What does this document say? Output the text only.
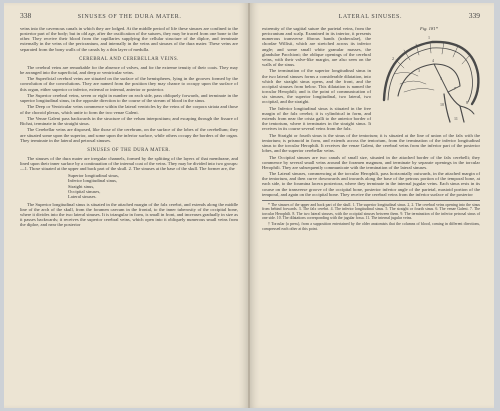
338	SINUSES OF THE DURA MATER.

veins into the cavernous canals in which they are lodged. At the middle period of life these sinuses are confined to the posterior part of the body; but in old age, after the ossification of the sutures, they may be traced from one bone to the other. They receive their blood from the capillaries supplying the cellular structure of the diploe, and terminate externally in the veins of the pericranium, and internally in the veins and sinuses of the dura mater. These veins are separated from the bony walls of the canals by a thin layer of medulla.

CEREBRAL AND CEREBELLAR VEINS.

The cerebral veins are remarkable for the absence of valves, and for the extreme tenuity of their coats. They may be arranged into the superficial, and deep or ventricular veins.

The Superficial cerebral veins are situated on the surface of the hemispheres, lying in the grooves formed by the convolution of the convolutions. They are named from the position they may chance to occupy upon the surface of this organ, either superior or inferior, external or internal, anterior or posterior.

The Superior cerebral veins, seven or eight in number on each side, pass obliquely forwards, and terminate in the superior longitudinal sinus, in the opposite direction to the course of the stream of blood in the sinus.

The Deep or Ventricular veins commence within the lateral ventricles by the veins of the corpora striata and those of the choroid plexus, which unite to form the two venae Galeni.

The Venae Galeni pass backwards in the structure of the velum interpositum; and escaping through the fissure of Bichat, terminate in the straight sinus.

The Cerebellar veins are disposed, like those of the cerebrum, on the surface of the lobes of the cerebellum; they are situated some upon the superior, and some upon the inferior surface, while others occupy the borders of the organ. They terminate in the lateral and petrosal sinuses.

SINUSES OF THE DURA MATER.

The sinuses of the dura mater are irregular channels, formed by the splitting of the layers of that membrane, and lined upon their inner surface by a continuation of the internal coat of the veins. They may be divided into two groups:—1. Those situated at the upper and back part of the skull. 2. The sinuses at the base of the skull. The former are, the

Superior longitudinal sinus,
Inferior longitudinal sinus,
Straight sinus,
Occipital sinuses,
Lateral sinuses.

The Superior longitudinal sinus is situated in the attached margin of the falx cerebri, and extends along the middle line of the arch of the skull, from the foramen caecum in the frontal, to the inner tuberosity of the occipital bone, where it divides into the two lateral sinuses. It is triangular in form, is small in front, and increases gradually in size as it passes backwards; it receives the superior cerebral veins, which open into it obliquely numerous small veins from the diploe, and near the posterior

LATERAL SINUSES.	339
Fig. 181*
1
2
3
4
5
7
8
10
11

extremity of the sagittal suture the parietal veins, from the pericranium and scalp. Examined in its interior, it presents numerous transverse fibrous bands (trabeculae), the chordae Willisii, which are stretched across its inferior angle; and some small white granular masses, the glandulae Pacchioni; the oblique openings of the cerebral veins, with their valve-like margin, are also seen on the walls of the sinus.

The termination of the superior longitudinal sinus in the two lateral sinuses forms a considerable dilatation, into which the straight sinus opens, and the front, and the occipital sinuses from below. This dilatation is named the torcular Herophili; and is the point of communication of six sinuses, the superior longitudinal, two lateral, two occipital, and the straight.

The Inferior longitudinal sinus is situated in the free margin of the falx cerebri; it is cylindrical in form, and extends from near the crista galli to the anterior border of the tentorium, where it terminates in the straight sinus. It receives in its course several veins from the falx.

The Straight or fourth sinus is the sinus of the tentorium; it is situated at the line of union of the falx with the tentorium; is prismoid in form, and extends across the tentorium, from the termination of the inferior longitudinal sinus to the torcular Herophili. It receives the venae Galeni, the cerebral veins from the inferior part of the posterior lobes, and the superior cerebellar veins.

The Occipital sinuses are two canals of small size, situated in the attached border of the falx cerebelli; they commence by several small veins around the foramen magnum, and terminate by separate openings in the torcular Herophili. They are subsequently communicate with the termination of the lateral sinuses.

The Lateral sinuses, commencing at the torcular Herophili, pass horizontally outwards, in the attached margin of the tentorium, and then curve downwards and inwards along the base of the petrous portion of the temporal bone, at each side, to the foramina lacera posteriora, where they terminate in the internal jugular veins. Each sinus rests in its course on the transverse groove of the occipital bone, posterior inferior angle of the parietal, mastoid portion of the temporal, and again on the occipital bone. They receive the cerebral veins from the inferior surface of the posterior

* The sinuses of the upper and back part of the skull. 1. The superior longitudinal sinus. 2, 2. The cerebral veins opening into the sinus from behind forwards. 3. The falx cerebri. 4. The inferior longitudinal sinus. 5. The straight or fourth sinus. 6. The venae Galeni. 7. The torcular Herophili. 8. The two lateral sinuses, with the occipital sinuses between them. 9. The termination of the inferior petrosal sinus of one side. 10. The dilatations corresponding with the jugular fossa. 11. The internal jugular veins.

† Torcular (a press), from a supposition entertained by the older anatomists that the columns of blood, coming in different directions, compressed each other at this point.
